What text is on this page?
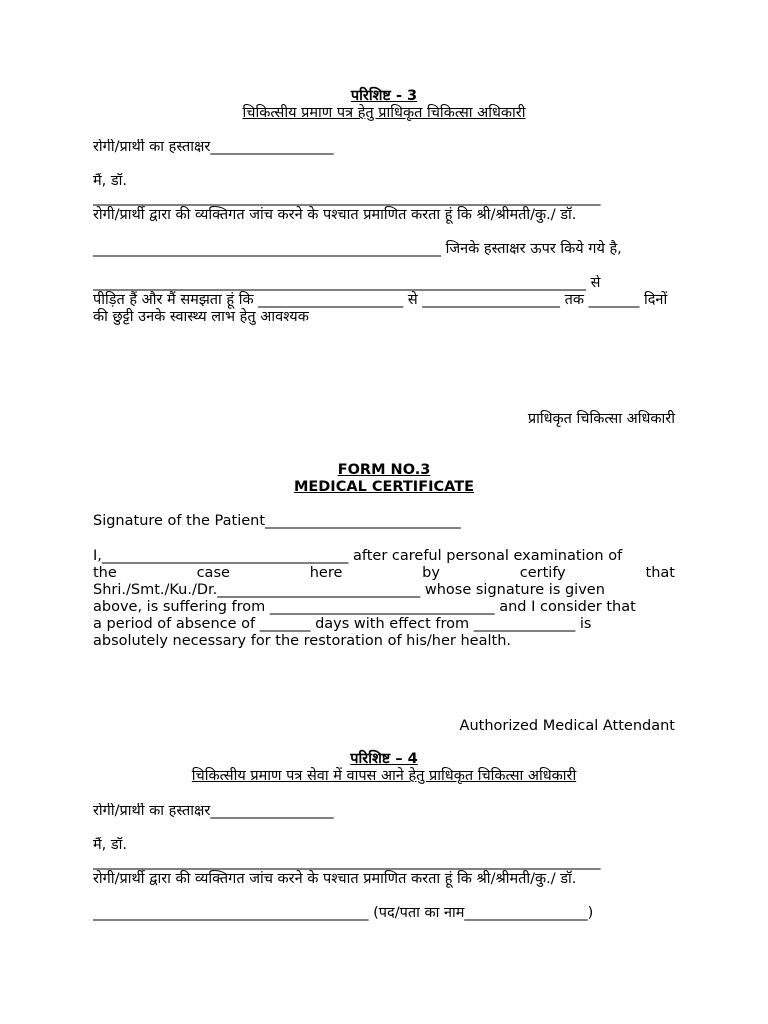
परिशिष्ट - 3
चिकित्सीय प्रमाण पत्र हेतु प्राधिकृत चिकित्सा अधिकारी
रोगी/प्रार्थी का हस्ताक्षर_________________
मैं, डॉ.
______________________________________________________________________
रोगी/प्रार्थी द्वारा की व्यक्तिगत जांच करने के पश्चात प्रमाणित करता हूं कि श्री/श्रीमती/कु./ डॉ.
________________________________________________ जिनके हस्ताक्षर ऊपर किये गये है,
____________________________________________________________________ से
पीड़ित हैं और मैं समझता हूं कि ____________________ से ___________________ तक _______ दिनों की छुट्टी उनके स्वास्थ्य लाभ हेतु आवश्यक
प्राधिकृत चिकित्सा अधिकारी
FORM NO.3
MEDICAL CERTIFICATE
Signature of the Patient___________________________
I,__________________________________ after careful personal examination of
the case here by certify that
Shri./Smt./Ku./Dr.____________________________ whose signature is given
above, is suffering from _______________________________ and I consider that
a period of absence of _______ days with effect from ______________ is
absolutely necessary for the restoration of his/her health.
Authorized Medical Attendant
परिशिष्ट – 4
चिकित्सीय प्रमाण पत्र सेवा में वापस आने हेतु प्राधिकृत चिकित्सा अधिकारी
रोगी/प्रार्थी का हस्ताक्षर_________________
मैं, डॉ.
______________________________________________________________________
रोगी/प्रार्थी द्वारा की व्यक्तिगत जांच करने के पश्चात प्रमाणित करता हूं कि श्री/श्रीमती/कु./ डॉ.
______________________________________ (पद/पता का नाम_________________)
